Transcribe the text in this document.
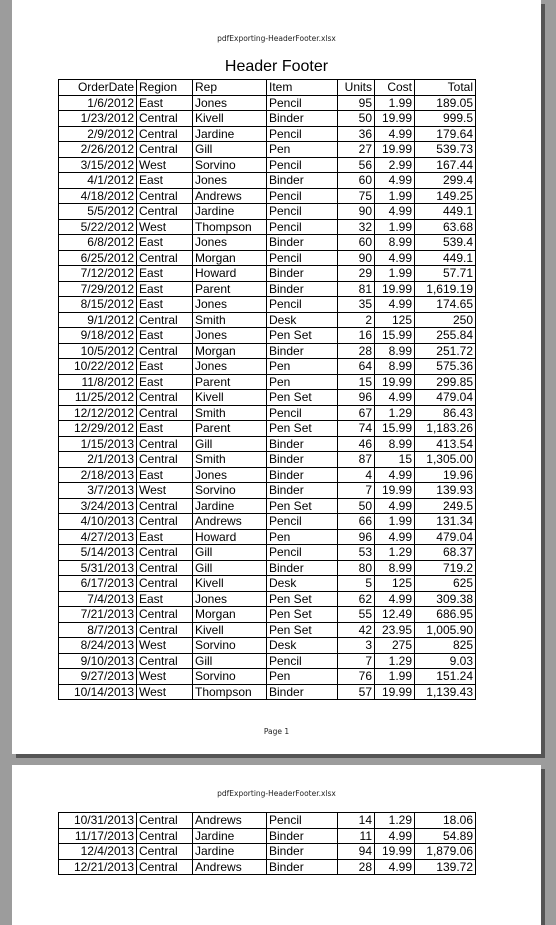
pdfExporting-HeaderFooter.xlsx
Header Footer
OrderDate	Region	Rep	Item	Units	Cost	Total
1/6/2012	East	Jones	Pencil	95	1.99	189.05
1/23/2012	Central	Kivell	Binder	50	19.99	999.5
2/9/2012	Central	Jardine	Pencil	36	4.99	179.64
2/26/2012	Central	Gill	Pen	27	19.99	539.73
3/15/2012	West	Sorvino	Pencil	56	2.99	167.44
4/1/2012	East	Jones	Binder	60	4.99	299.4
4/18/2012	Central	Andrews	Pencil	75	1.99	149.25
5/5/2012	Central	Jardine	Pencil	90	4.99	449.1
5/22/2012	West	Thompson	Pencil	32	1.99	63.68
6/8/2012	East	Jones	Binder	60	8.99	539.4
6/25/2012	Central	Morgan	Pencil	90	4.99	449.1
7/12/2012	East	Howard	Binder	29	1.99	57.71
7/29/2012	East	Parent	Binder	81	19.99	1,619.19
8/15/2012	East	Jones	Pencil	35	4.99	174.65
9/1/2012	Central	Smith	Desk	2	125	250
9/18/2012	East	Jones	Pen Set	16	15.99	255.84
10/5/2012	Central	Morgan	Binder	28	8.99	251.72
10/22/2012	East	Jones	Pen	64	8.99	575.36
11/8/2012	East	Parent	Pen	15	19.99	299.85
11/25/2012	Central	Kivell	Pen Set	96	4.99	479.04
12/12/2012	Central	Smith	Pencil	67	1.29	86.43
12/29/2012	East	Parent	Pen Set	74	15.99	1,183.26
1/15/2013	Central	Gill	Binder	46	8.99	413.54
2/1/2013	Central	Smith	Binder	87	15	1,305.00
2/18/2013	East	Jones	Binder	4	4.99	19.96
3/7/2013	West	Sorvino	Binder	7	19.99	139.93
3/24/2013	Central	Jardine	Pen Set	50	4.99	249.5
4/10/2013	Central	Andrews	Pencil	66	1.99	131.34
4/27/2013	East	Howard	Pen	96	4.99	479.04
5/14/2013	Central	Gill	Pencil	53	1.29	68.37
5/31/2013	Central	Gill	Binder	80	8.99	719.2
6/17/2013	Central	Kivell	Desk	5	125	625
7/4/2013	East	Jones	Pen Set	62	4.99	309.38
7/21/2013	Central	Morgan	Pen Set	55	12.49	686.95
8/7/2013	Central	Kivell	Pen Set	42	23.95	1,005.90
8/24/2013	West	Sorvino	Desk	3	275	825
9/10/2013	Central	Gill	Pencil	7	1.29	9.03
9/27/2013	West	Sorvino	Pen	76	1.99	151.24
10/14/2013	West	Thompson	Binder	57	19.99	1,139.43
Page 1
pdfExporting-HeaderFooter.xlsx
10/31/2013	Central	Andrews	Pencil	14	1.29	18.06
11/17/2013	Central	Jardine	Binder	11	4.99	54.89
12/4/2013	Central	Jardine	Binder	94	19.99	1,879.06
12/21/2013	Central	Andrews	Binder	28	4.99	139.72
